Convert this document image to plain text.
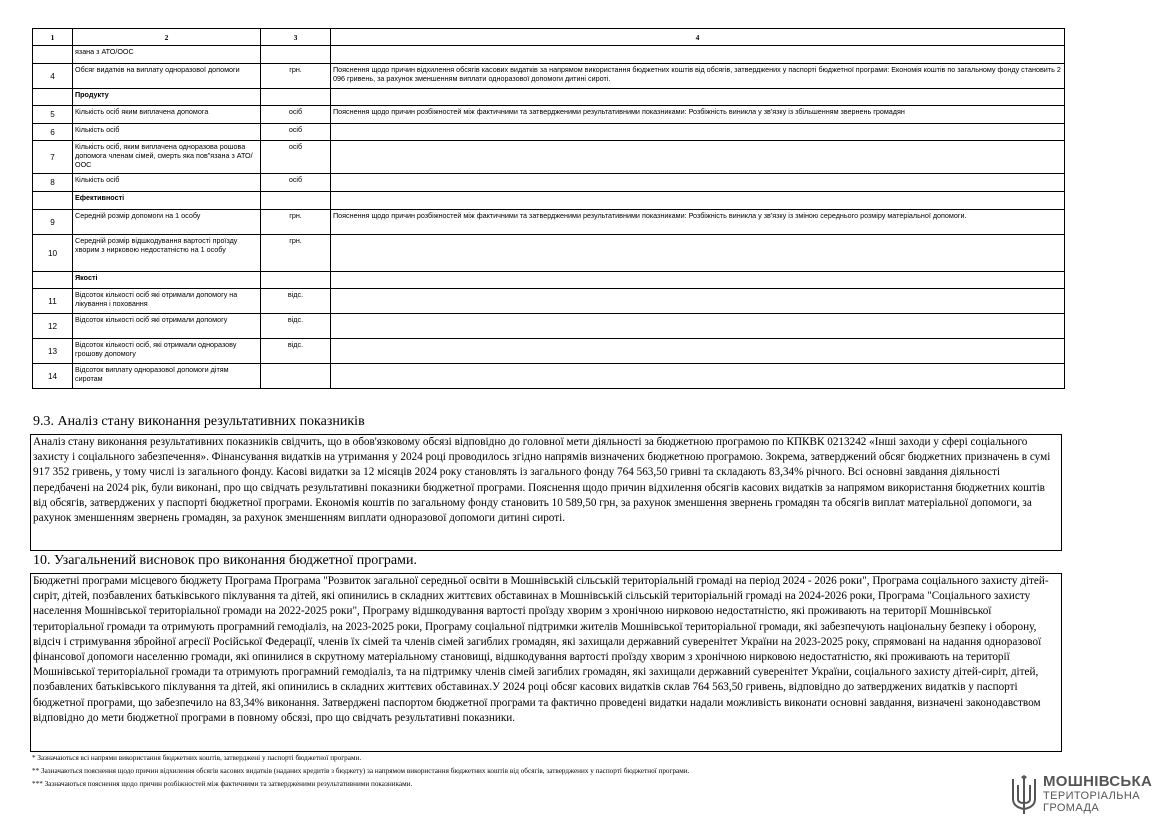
1	2	3	4
	язана з АТО/ООС		
4	Обсяг видатків на виплату одноразової допомоги	грн.	Пояснення щодо причин відхилення обсягів касових видатків за напрямом використання бюджетних коштів від обсягів, затверджених у паспорті бюджетної програми: Економія коштів по загальному фонду становить 2 096 гривень, за рахунок зменшенням виплати одноразової допомоги дитині сироті.
	Продукту		
5	Кількість осіб яким виплачена допомога	осіб	Пояснення щодо причин розбіжностей між фактичними та затвердженими результативними показниками: Розбіжність виникла у зв'язку із збільшенням звернень громадян
6	Кількість осіб	осіб	
7	Кількість осіб, яким виплачена одноразова рошова допомога членам сімей, смерть яка пов"язана з АТО/ООС	осіб	
8	Кількість осіб	осіб	
	Ефективності		
9	Середній розмір допомоги на 1 особу	грн.	Пояснення щодо причин розбіжностей між фактичними та затвердженими результативними показниками: Розбіжність виникла у зв'язку із зміною середнього розміру матеріальної допомоги.
10	Середній розмір відшкодування вартості проїзду хворим з нирковою недостатністю на 1 особу	грн.	
	Якості		
11	Відсоток кількості осіб які отримали допомогу на лікування і поховання	відс.	
12	Відсоток кількості осіб які отримали допомогу	відс.	
13	Відсоток кількості осіб, які отримали одноразову грошову допомогу	відс.	
14	Відсоток виплату одноразової допомоги дітям сиротам		
9.3. Аналіз стану виконання результативних показників
Аналіз стану виконання результативних показників свідчить, що в обов'язковому обсязі відповідно до головної мети діяльності за бюджетною програмою по КПКВК 0213242 «Інші заходи у сфері соціального захисту і соціального забезпечення». Фінансування видатків на утримання у 2024 році проводилось згідно напрямів визначених бюджетною програмою. Зокрема, затверджений обсяг бюджетних призначень в сумі 917 352 гривень, у тому числі із загального фонду. Касові видатки за 12 місяців 2024 року становлять із загального фонду 764 563,50 гривні та складають 83,34% річного. Всі основні завдання діяльності передбачені на 2024 рік, були виконані, про що свідчать результативні показники бюджетної програми. Пояснення щодо причин відхилення обсягів касових видатків за напрямом використання бюджетних коштів від обсягів, затверджених у паспорті бюджетної програми. Економія коштів по загальному фонду становить 10 589,50 грн, за рахунок зменшення звернень громадян та обсягів виплат матеріальної допомоги, за рахунок зменшенням звернень громадян, за рахунок зменшенням виплати одноразової допомоги дитині сироті.
10. Узагальнений висновок про виконання бюджетної програми.
Бюджетні програми місцевого бюджету Програма Програма "Розвиток загальної середньої освіти в Мошнівській сільській територіальній громаді на період 2024 - 2026 роки", Програма соціального захисту дітей-сиріт, дітей, позбавлених батьківського піклування та дітей, які опинились в складних життєвих обставинах в Мошнівській сільській територіальній громаді на 2024-2026 роки, Програма "Соціального захисту населення Мошнівської територіальної громади на 2022-2025 роки", Програму відшкодування вартості проїзду хворим з хронічною нирковою недостатністю, які проживають на території Мошнівської територіальної громади та отримують програмний гемодіаліз, на 2023-2025 роки, Програму соціальної підтримки жителів Мошнівської територіальної громади, які забезпечують національну безпеку і оборону, відсіч і стримування збройної агресії Російської Федерації, членів їх сімей та членів сімей загиблих громадян, які захищали державний суверенітет України на 2023-2025 року, спрямовані на надання одноразової фінансової допомоги населенню громади, які опинилися в скрутному матеріальному становищі, відшкодування вартості проїзду хворим з хронічною нирковою недостатністю, які проживають на території Мошнівської територіальної громади та отримують програмний гемодіаліз, та на підтримку членів сімей загиблих громадян, які захищали державний суверенітет України, соціального захисту дітей-сиріт, дітей, позбавлених батьківського піклування та дітей, які опинились в складних життєвих обставинах.У 2024 році обсяг касових видатків склав 764 563,50 гривень, відповідно до затверджених видатків у паспорті бюджетної програми, що забезпечило на 83,34% виконання. Затверджені паспортом бюджетної програми та фактично проведені видатки надали можливість виконати основні завдання, визначені законодавством відповідно до мети бюджетної програми в повному обсязі, про що свідчать результативні показники.
* Зазначаються всі напрями використання бюджетних коштів, затверджені у паспорті бюджетної програми.
** Зазначаються пояснення щодо причин відхилення обсягів касових видатків (наданих кредитів з бюджету) за напрямом використання бюджетних коштів від обсягів, затверджених у паспорті бюджетної програми.
*** Зазначаються пояснення щодо причин розбіжностей між фактичними та затвердженими результативними показниками.	МОШНІВСЬКА
ТЕРИТОРІАЛЬНА
ГРОМАДА
